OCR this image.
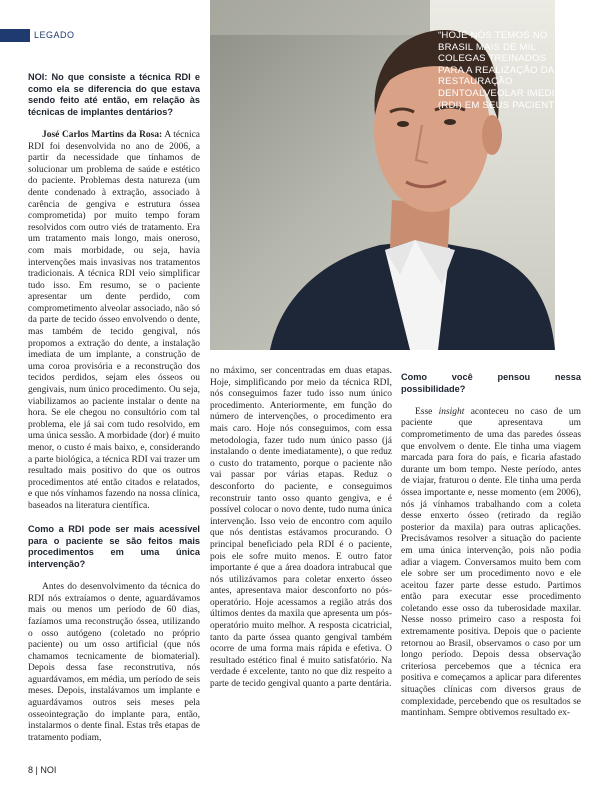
LEGADO	“HOJE NÓS TEMOS NO BRASIL MAIS DE MIL COLEGAS TREINADOS PARA A REALIZAÇÃO DA RESTAURAÇÃO DENTOALVEOLAR IMEDIATA (RDI) EM SEUS PACIENTES”

NOI: No que consiste a técnica RDI e como ela se diferencia do que estava sendo feito até então, em relação às técnicas de implantes dentários?

José Carlos Martins da Rosa: A técnica RDI foi desenvolvida no ano de 2006, a partir da necessidade que tínhamos de solucionar um problema de saúde e estético do paciente. Problemas desta natureza (um dente condenado à extração, associado à carência de gengiva e estrutura óssea comprometida) por muito tempo foram resolvidos com outro viés de tratamento. Era um tratamento mais longo, mais oneroso, com mais morbidade, ou seja, havia intervenções mais invasivas nos tratamentos tradicionais. A técnica RDI veio simplificar tudo isso. Em resumo, se o paciente apresentar um dente perdido, com comprometimento alveolar associado, não só da parte de tecido ósseo envolvendo o dente, mas também de tecido gengival, nós propomos a extração do dente, a instalação imediata de um implante, a construção de uma coroa provisória e a reconstrução dos tecidos perdidos, sejam eles ósseos ou gengivais, num único procedimento. Ou seja, viabilizamos ao paciente instalar o dente na hora. Se ele chegou no consultório com tal problema, ele já sai com tudo resolvido, em uma única sessão. A morbidade (dor) é muito menor, o custo é mais baixo, e, considerando a parte biológica, a técnica RDI vai trazer um resultado mais positivo do que os outros procedimentos até então citados e relatados, e que nós vínhamos fazendo na nossa clínica, baseados na literatura científica.

Como a RDI pode ser mais acessível para o paciente se são feitos mais procedimentos em uma única intervenção?

Antes do desenvolvimento da técnica do RDI nós extraíamos o dente, aguardávamos mais ou menos um período de 60 dias, fazíamos uma reconstrução óssea, utilizando o osso autógeno (coletado no próprio paciente) ou um osso artificial (que nós chamamos tecnicamente de biomaterial). Depois dessa fase reconstrutiva, nós aguardávamos, em média, um período de seis meses. Depois, instalávamos um implante e aguardávamos outros seis meses pela osseointegração do implante para, então, instalarmos o dente final. Estas três etapas de tratamento podiam,

no máximo, ser concentradas em duas etapas. Hoje, simplificando por meio da técnica RDI, nós conseguimos fazer tudo isso num único procedimento. Anteriormente, em função do número de intervenções, o procedimento era mais caro. Hoje nós conseguimos, com essa metodologia, fazer tudo num único passo (já instalando o dente imediatamente), o que reduz o custo do tratamento, porque o paciente não vai passar por várias etapas. Reduz o desconforto do paciente, e conseguimos reconstruir tanto osso quanto gengiva, e é possível colocar o novo dente, tudo numa única intervenção. Isso veio de encontro com aquilo que nós dentistas estávamos procurando. O principal beneficiado pela RDI é o paciente, pois ele sofre muito menos. E outro fator importante é que a área doadora intrabucal que nós utilizávamos para coletar enxerto ósseo antes, apresentava maior desconforto no pós-operatório. Hoje acessamos a região atrás dos últimos dentes da maxila que apresenta um pós-operatório muito melhor. A resposta cicatricial, tanto da parte óssea quanto gengival também ocorre de uma forma mais rápida e efetiva. O resultado estético final é muito satisfatório. Na verdade é excelente, tanto no que diz respeito a parte de tecido gengival quanto a parte dentária.

Como você pensou nessa possibilidade?

Esse insight aconteceu no caso de um paciente que apresentava um comprometimento de uma das paredes ósseas que envolvem o dente. Ele tinha uma viagem marcada para fora do país, e ficaria afastado durante um bom tempo. Neste período, antes de viajar, fraturou o dente. Ele tinha uma perda óssea importante e, nesse momento (em 2006), nós já vínhamos trabalhando com a coleta desse enxerto ósseo (retirado da região posterior da maxila) para outras aplicações. Precisávamos resolver a situação do paciente em uma única intervenção, pois não podia adiar a viagem. Conversamos muito bem com ele sobre ser um procedimento novo e ele aceitou fazer parte desse estudo. Partimos então para executar esse procedimento coletando esse osso da tuberosidade maxilar. Nesse nosso primeiro caso a resposta foi extremamente positiva. Depois que o paciente retornou ao Brasil, observamos o caso por um longo período. Depois dessa observação criteriosa percebemos que a técnica era positiva e começamos a aplicar para diferentes situações clínicas com diversos graus de complexidade, percebendo que os resultados se mantinham. Sempre obtivemos resultado ex-

8 | NOI
